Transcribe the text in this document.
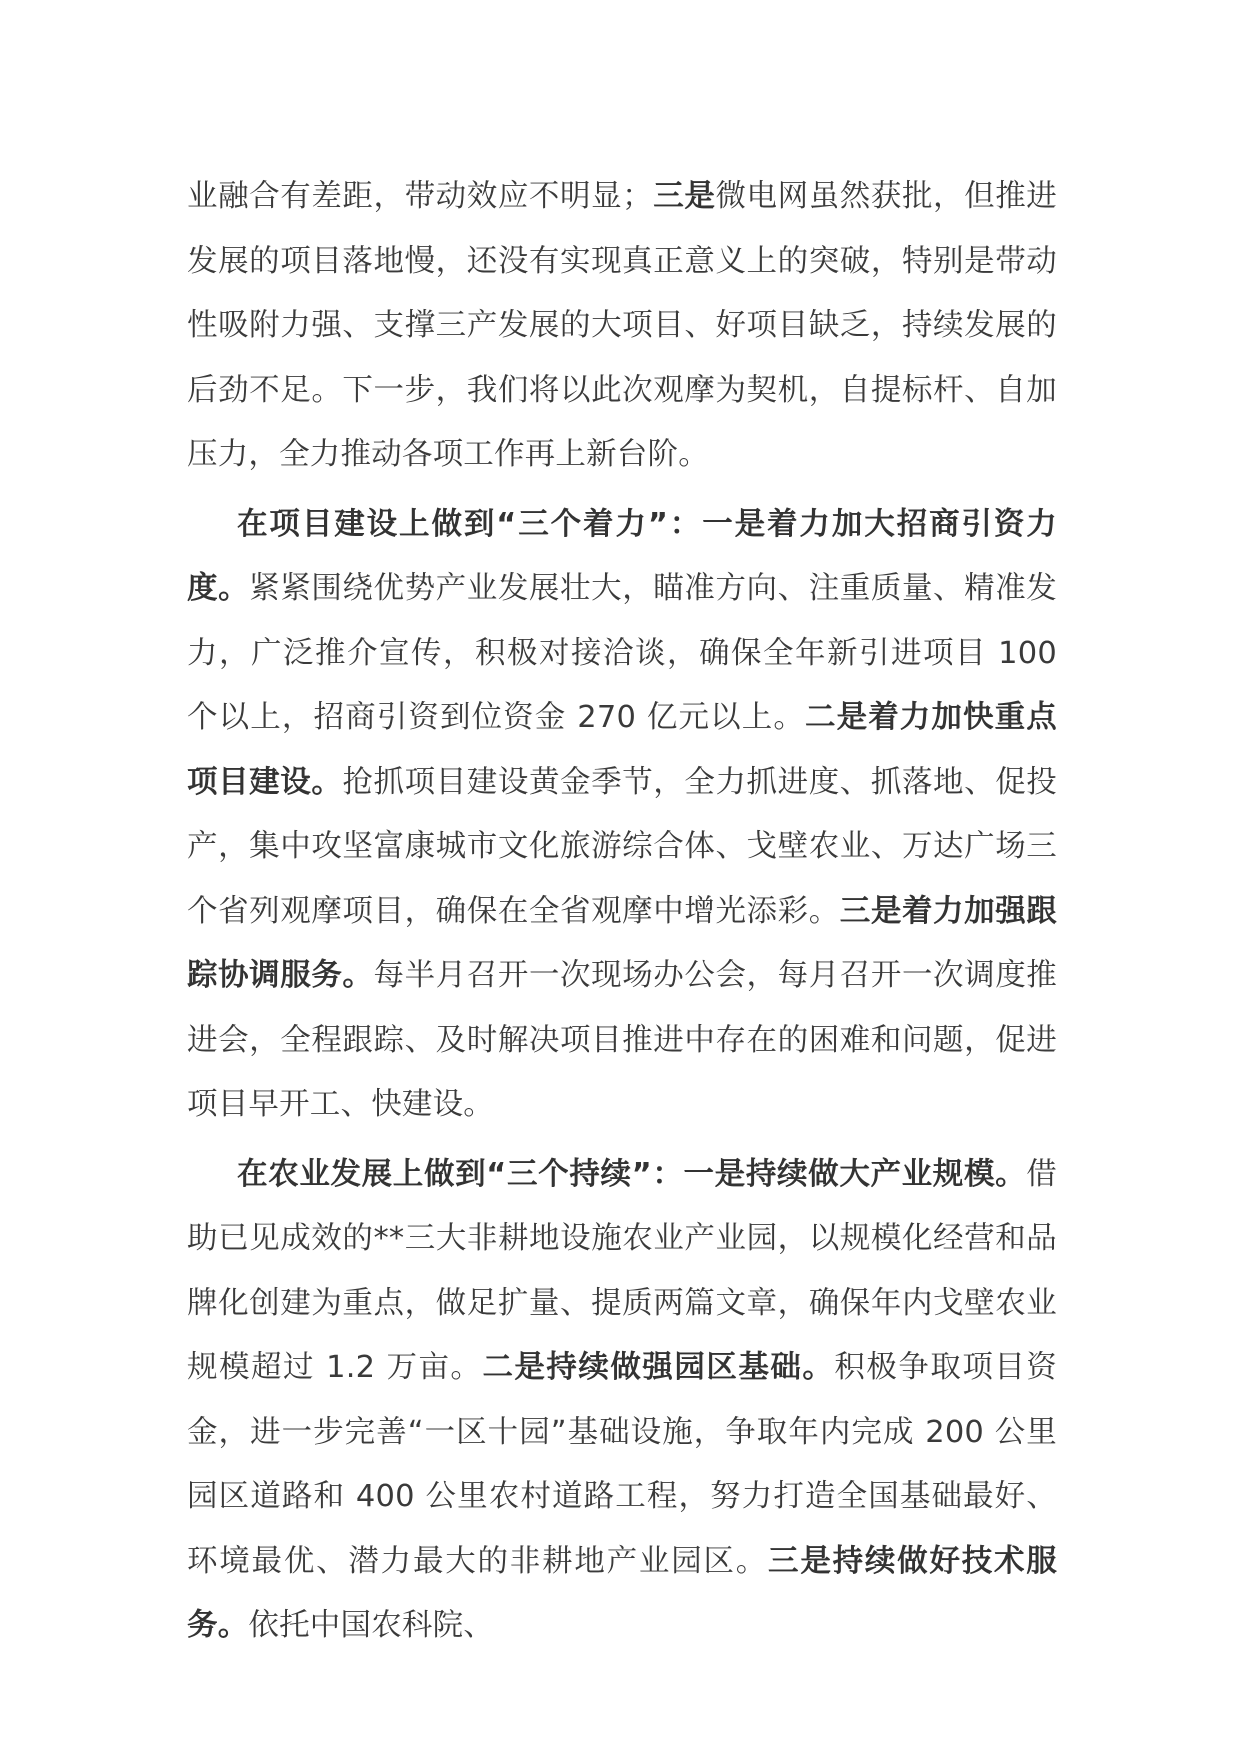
业融合有差距，带动效应不明显；三是微电网虽然获批，但推进发展的项目落地慢，还没有实现真正意义上的突破，特别是带动性吸附力强、支撑三产发展的大项目、好项目缺乏，持续发展的后劲不足。下一步，我们将以此次观摩为契机，自提标杆、自加压力，全力推动各项工作再上新台阶。

在项目建设上做到“三个着力”：一是着力加大招商引资力度。紧紧围绕优势产业发展壮大，瞄准方向、注重质量、精准发力，广泛推介宣传，积极对接洽谈，确保全年新引进项目 100 个以上，招商引资到位资金 270 亿元以上。二是着力加快重点项目建设。抢抓项目建设黄金季节，全力抓进度、抓落地、促投产，集中攻坚富康城市文化旅游综合体、戈壁农业、万达广场三个省列观摩项目，确保在全省观摩中增光添彩。三是着力加强跟踪协调服务。每半月召开一次现场办公会，每月召开一次调度推进会，全程跟踪、及时解决项目推进中存在的困难和问题，促进项目早开工、快建设。

在农业发展上做到“三个持续”：一是持续做大产业规模。借助已见成效的**三大非耕地设施农业产业园，以规模化经营和品牌化创建为重点，做足扩量、提质两篇文章，确保年内戈壁农业规模超过 1.2 万亩。二是持续做强园区基础。积极争取项目资金，进一步完善“一区十园”基础设施，争取年内完成 200 公里园区道路和 400 公里农村道路工程，努力打造全国基础最好、环境最优、潜力最大的非耕地产业园区。三是持续做好技术服务。依托中国农科院、
